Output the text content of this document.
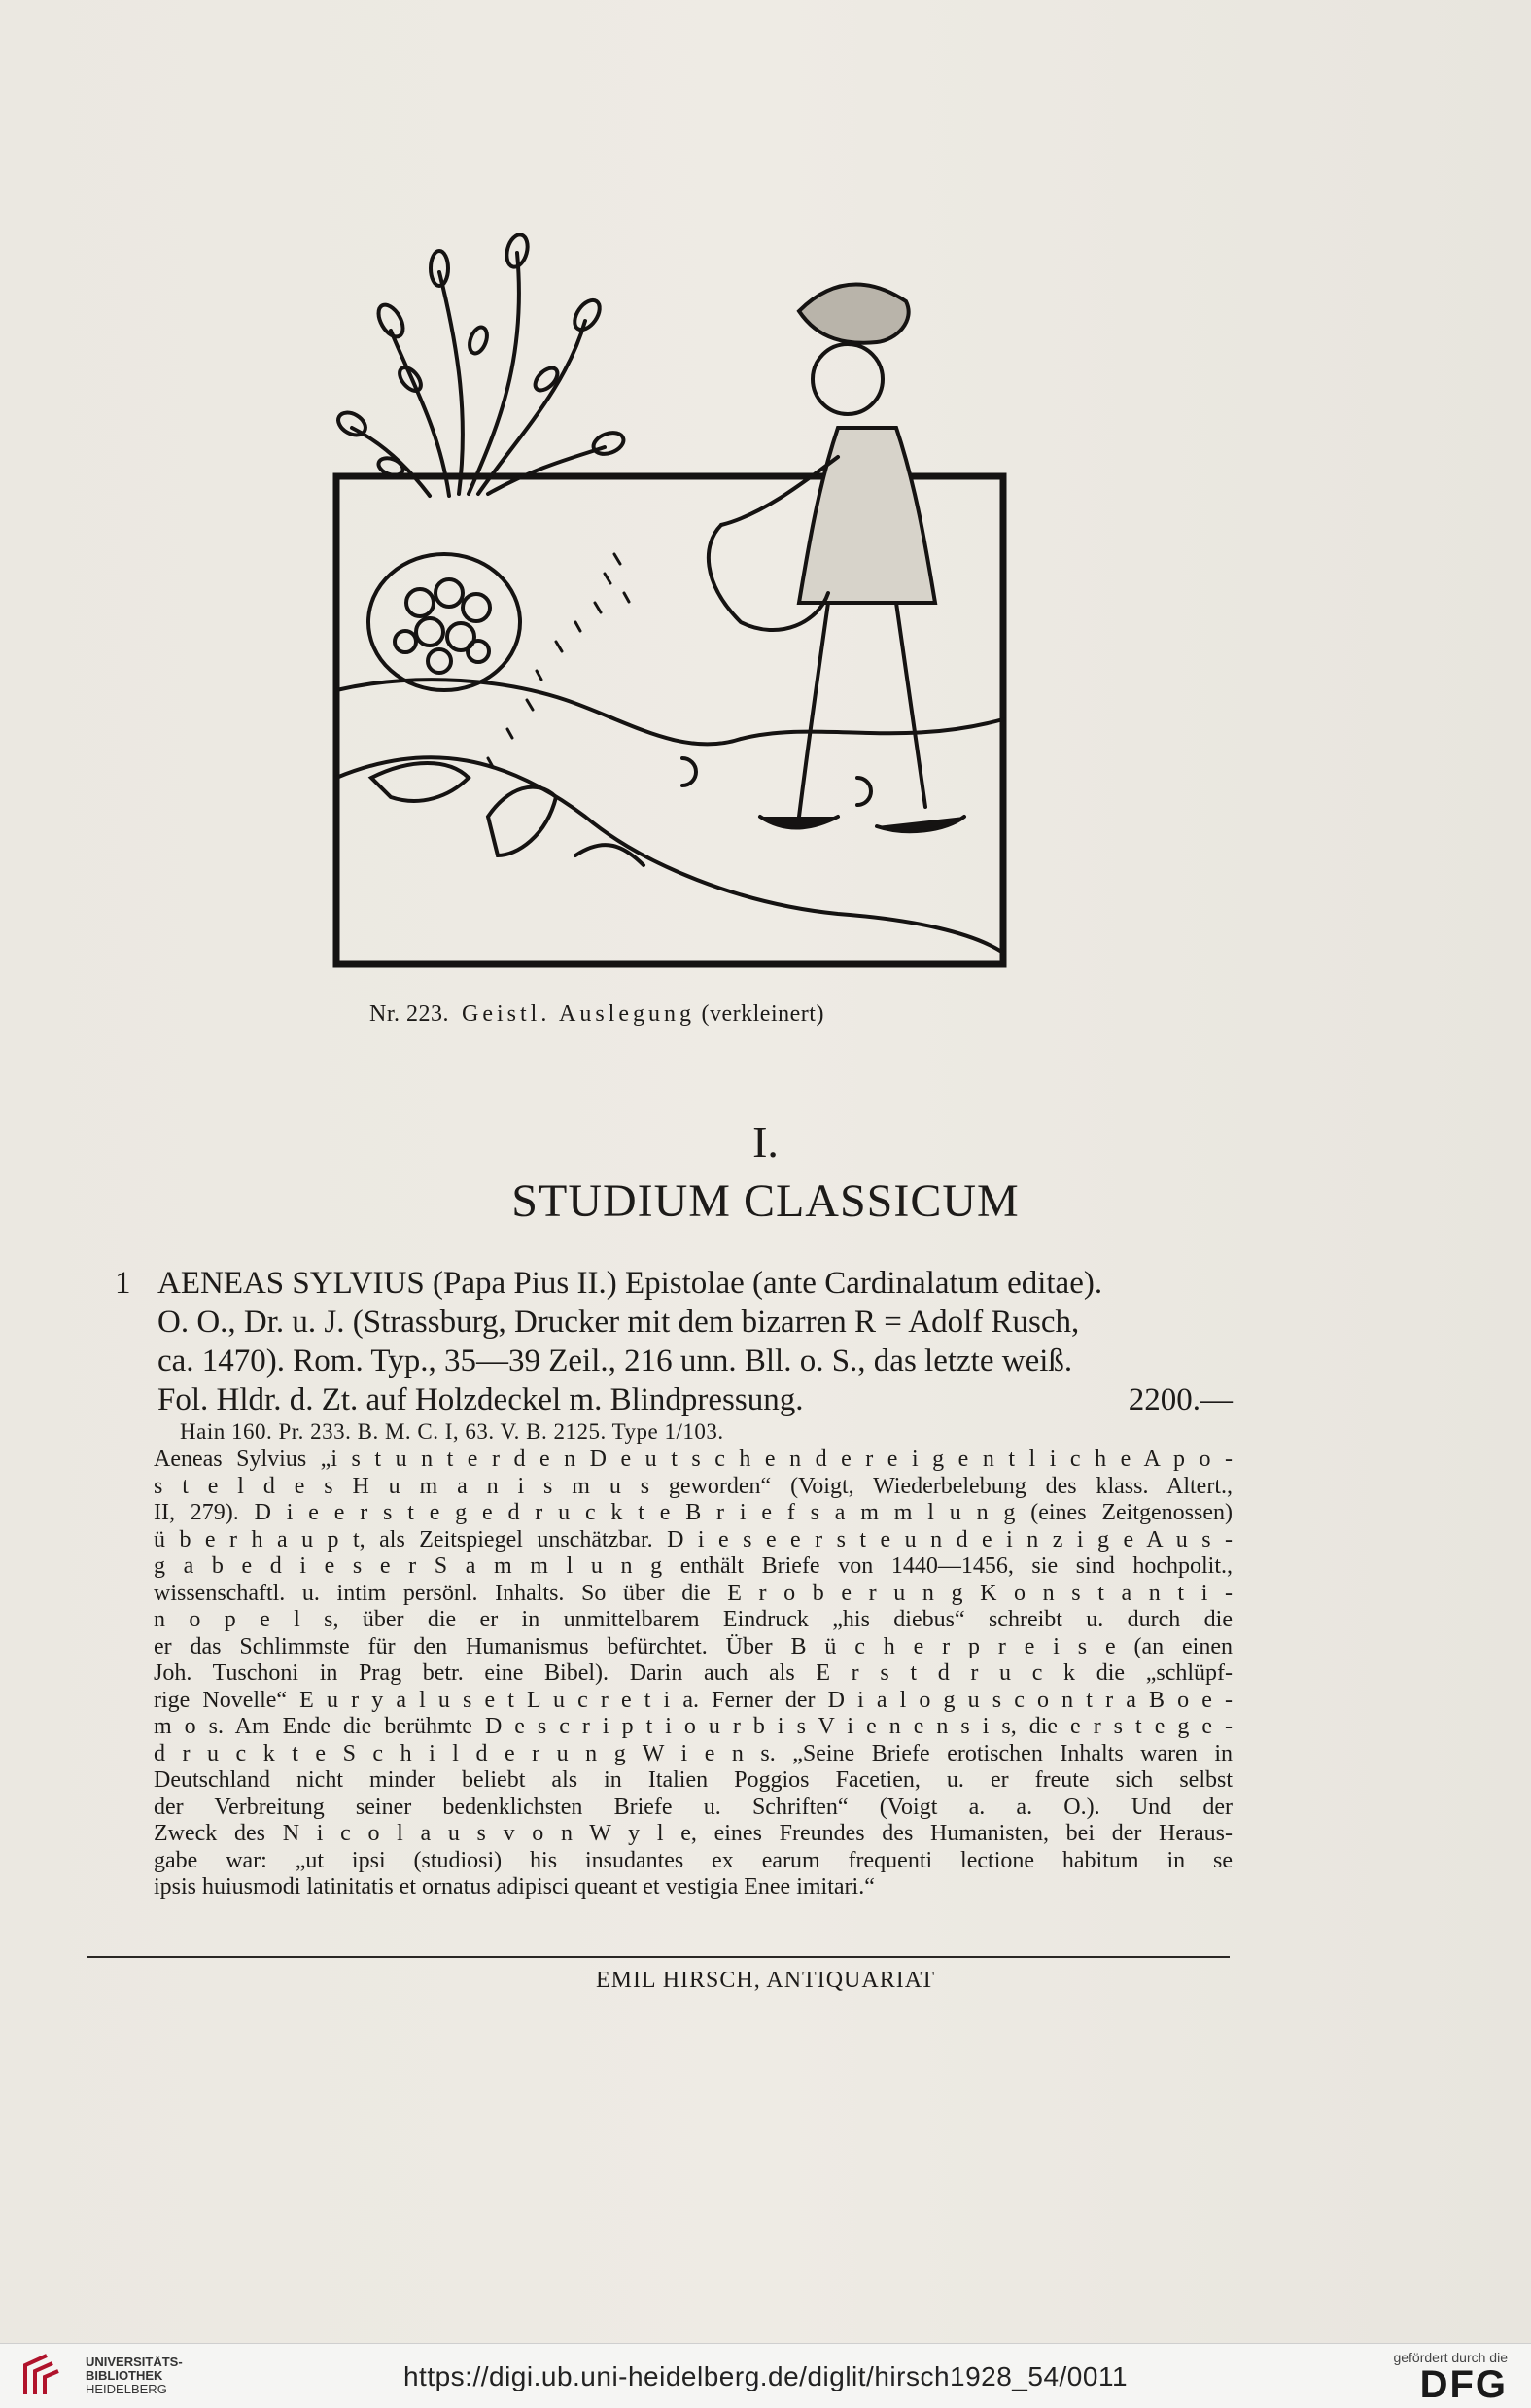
Nr. 223. Geistl. Auslegung (verkleinert)
I.
STUDIUM CLASSICUM
1 AENEAS SYLVIUS (Papa Pius II.) Epistolae (ante Cardinalatum editae).
O. O., Dr. u. J. (Strassburg, Drucker mit dem bizarren R = Adolf Rusch,
ca. 1470). Rom. Typ., 35—39 Zeil., 216 unn. Bll. o. S., das letzte weiß.
Fol. Hldr. d. Zt. auf Holzdeckel m. Blindpressung.	2200.—
Hain 160. Pr. 233. B. M. C. I, 63. V. B. 2125. Type 1/103.
Aeneas Sylvius „i s t u n t e r d e n D e u t s c h e n d e r e i g e n t l i c h e A p o -
s t e l d e s H u m a n i s m u s geworden“ (Voigt, Wiederbelebung des klass. Altert.,
II, 279). D i e e r s t e g e d r u c k t e B r i e f s a m m l u n g (eines Zeitgenossen)
ü b e r h a u p t, als Zeitspiegel unschätzbar. D i e s e e r s t e u n d e i n z i g e A u s -
g a b e d i e s e r S a m m l u n g enthält Briefe von 1440—1456, sie sind hochpolit.,
wissenschaftl. u. intim persönl. Inhalts. So über die E r o b e r u n g K o n s t a n t i -
n o p e l s, über die er in unmittelbarem Eindruck „his diebus“ schreibt u. durch die
er das Schlimmste für den Humanismus befürchtet. Über B ü c h e r p r e i s e (an einen
Joh. Tuschoni in Prag betr. eine Bibel). Darin auch als E r s t d r u c k die „schlüpf-
rige Novelle“ E u r y a l u s e t L u c r e t i a. Ferner der D i a l o g u s c o n t r a B o e -
m o s. Am Ende die berühmte D e s c r i p t i o u r b i s V i e n e n s i s, die e r s t e g e -
d r u c k t e S c h i l d e r u n g W i e n s. „Seine Briefe erotischen Inhalts waren in
Deutschland nicht minder beliebt als in Italien Poggios Facetien, u. er freute sich selbst
der Verbreitung seiner bedenklichsten Briefe u. Schriften“ (Voigt a. a. O.). Und der
Zweck des N i c o l a u s v o n W y l e, eines Freundes des Humanisten, bei der Heraus-
gabe war: „ut ipsi (studiosi) his insudantes ex earum frequenti lectione habitum in se
ipsis huiusmodi latinitatis et ornatus adipisci queant et vestigia Enee imitari.“
EMIL HIRSCH, ANTIQUARIAT
UNIVERSITÄTS-
BIBLIOTHEK
HEIDELBERG	https://digi.ub.uni-heidelberg.de/diglit/hirsch1928_54/0011
gefördert durch die
DFG
